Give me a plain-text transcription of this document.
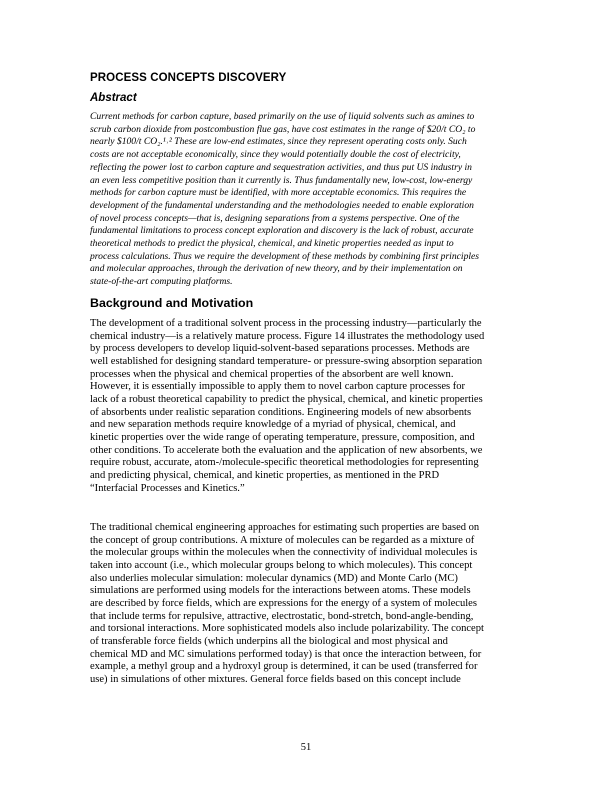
PROCESS CONCEPTS DISCOVERY
Abstract
Current methods for carbon capture, based primarily on the use of liquid solvents such as amines to
scrub carbon dioxide from postcombustion flue gas, have cost estimates in the range of $20/t CO₂ to
nearly $100/t CO₂.¹˒² These are low-end estimates, since they represent operating costs only. Such
costs are not acceptable economically, since they would potentially double the cost of electricity,
reflecting the power lost to carbon capture and sequestration activities, and thus put US industry in
an even less competitive position than it currently is. Thus fundamentally new, low-cost, low-energy
methods for carbon capture must be identified, with more acceptable economics. This requires the
development of the fundamental understanding and the methodologies needed to enable exploration
of novel process concepts—that is, designing separations from a systems perspective. One of the
fundamental limitations to process concept exploration and discovery is the lack of robust, accurate
theoretical methods to predict the physical, chemical, and kinetic properties needed as input to
process calculations. Thus we require the development of these methods by combining first principles
and molecular approaches, through the derivation of new theory, and by their implementation on
state-of-the-art computing platforms.
Background and Motivation
The development of a traditional solvent process in the processing industry—particularly the
chemical industry—is a relatively mature process. Figure 14 illustrates the methodology used
by process developers to develop liquid-solvent-based separations processes. Methods are
well established for designing standard temperature- or pressure-swing absorption separation
processes when the physical and chemical properties of the absorbent are well known.
However, it is essentially impossible to apply them to novel carbon capture processes for
lack of a robust theoretical capability to predict the physical, chemical, and kinetic properties
of absorbents under realistic separation conditions. Engineering models of new absorbents
and new separation methods require knowledge of a myriad of physical, chemical, and
kinetic properties over the wide range of operating temperature, pressure, composition, and
other conditions. To accelerate both the evaluation and the application of new absorbents, we
require robust, accurate, atom-/molecule-specific theoretical methodologies for representing
and predicting physical, chemical, and kinetic properties, as mentioned in the PRD
“Interfacial Processes and Kinetics.”
The traditional chemical engineering approaches for estimating such properties are based on
the concept of group contributions. A mixture of molecules can be regarded as a mixture of
the molecular groups within the molecules when the connectivity of individual molecules is
taken into account (i.e., which molecular groups belong to which molecules). This concept
also underlies molecular simulation: molecular dynamics (MD) and Monte Carlo (MC)
simulations are performed using models for the interactions between atoms. These models
are described by force fields, which are expressions for the energy of a system of molecules
that include terms for repulsive, attractive, electrostatic, bond-stretch, bond-angle-bending,
and torsional interactions. More sophisticated models also include polarizability. The concept
of transferable force fields (which underpins all the biological and most physical and
chemical MD and MC simulations performed today) is that once the interaction between, for
example, a methyl group and a hydroxyl group is determined, it can be used (transferred for
use) in simulations of other mixtures. General force fields based on this concept include
51
